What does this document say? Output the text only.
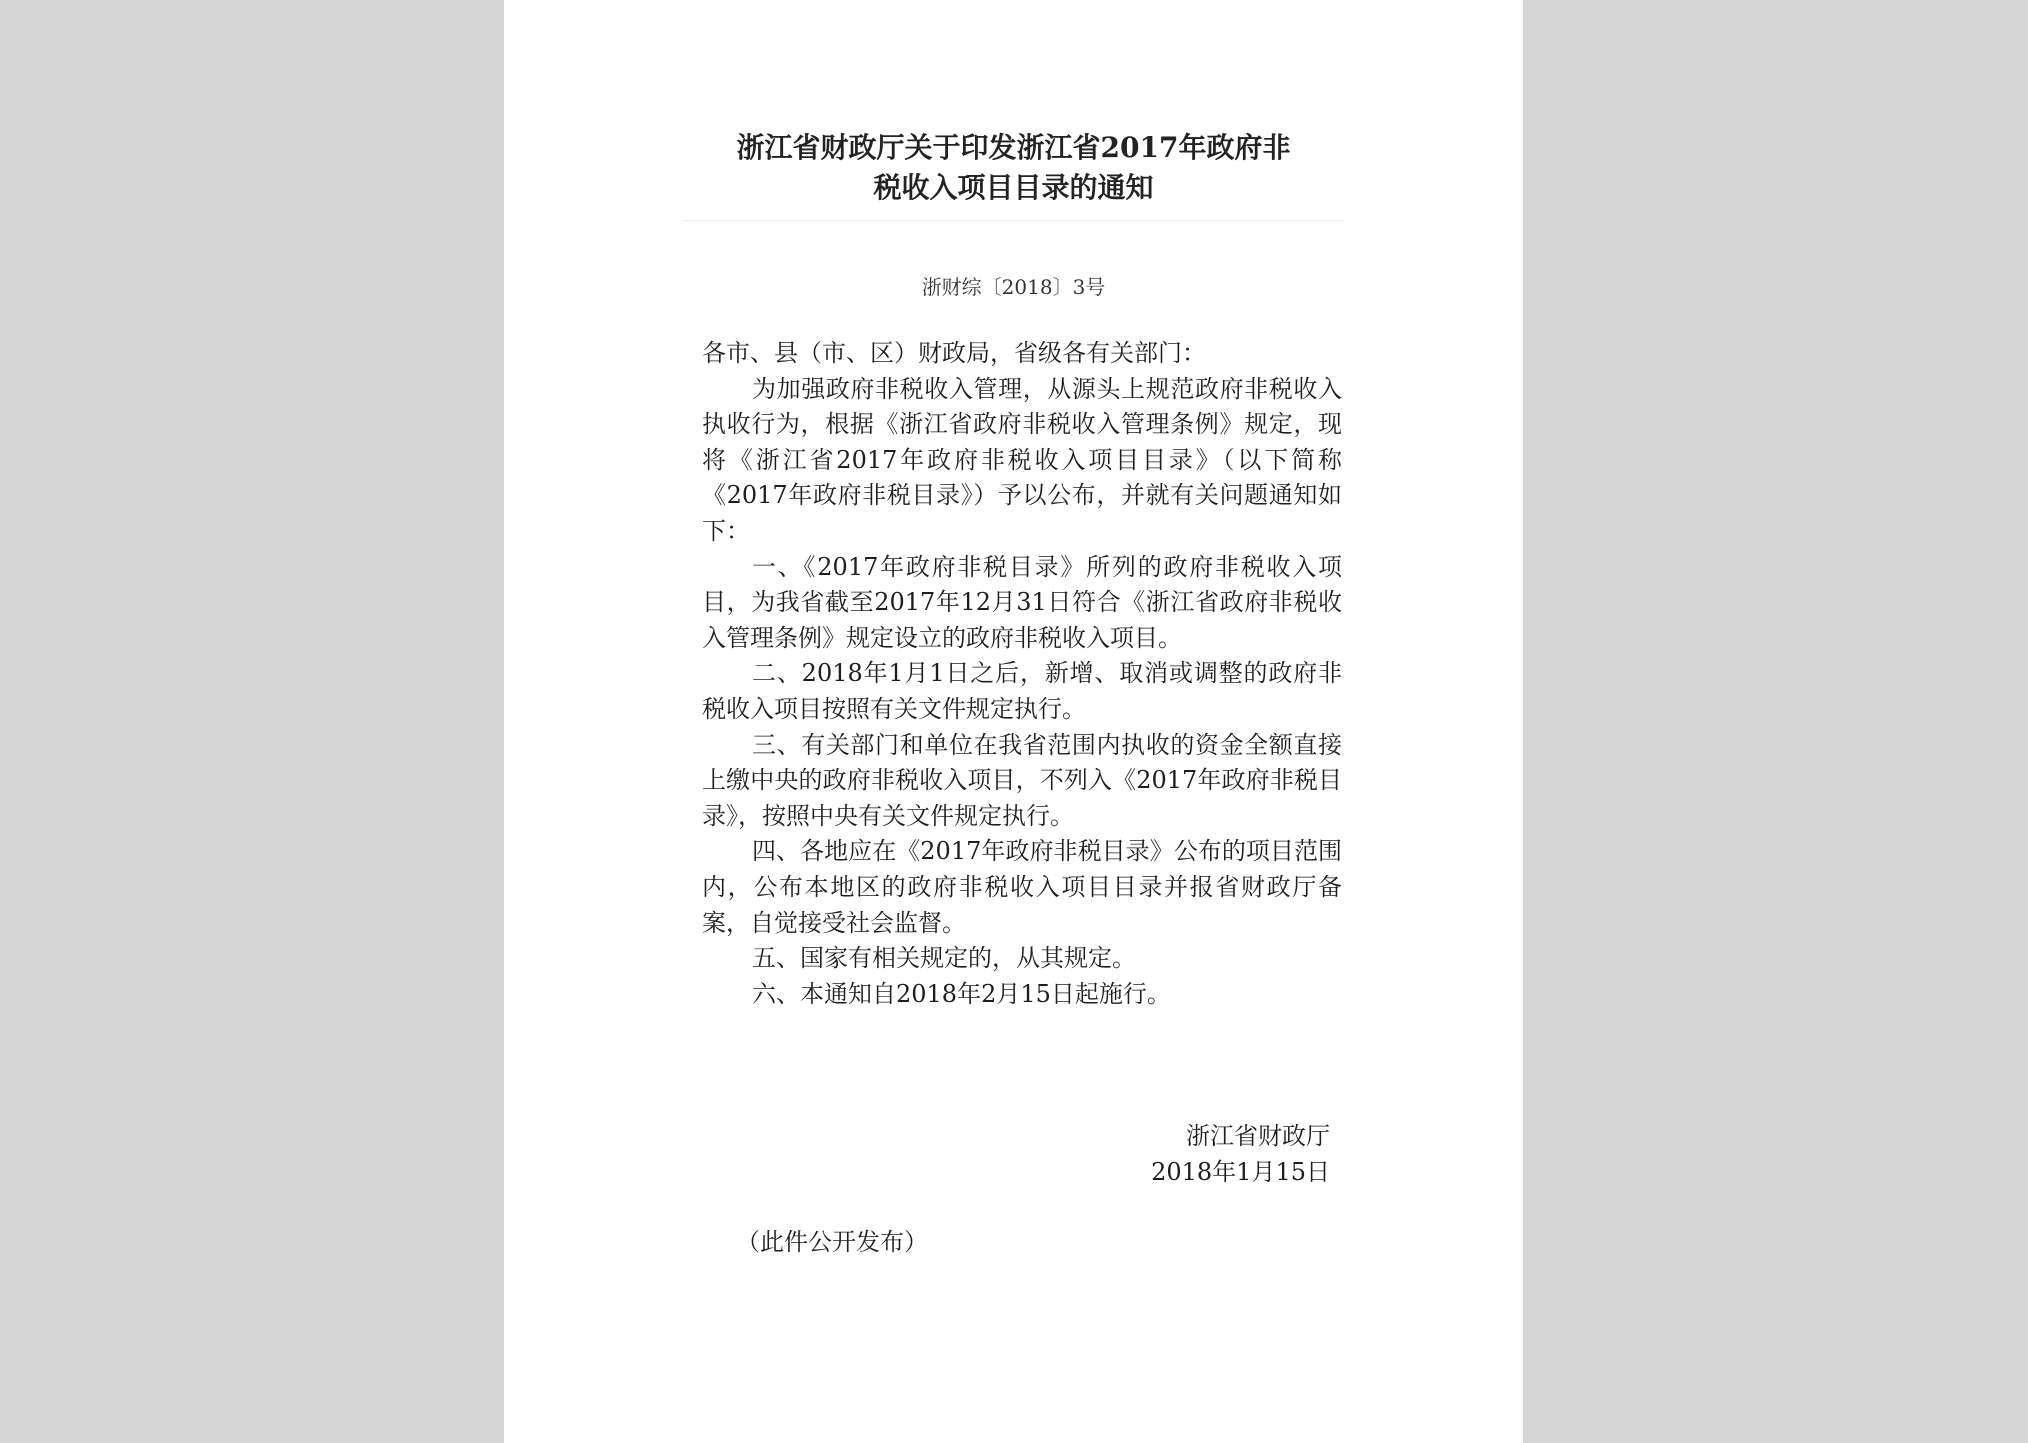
浙江省财政厅关于印发浙江省2017年政府非
税收入项目目录的通知
浙财综〔2018〕3号

各市、县（市、区）财政局，省级各有关部门：

为加强政府非税收入管理，从源头上规范政府非税收入执收行为，根据《浙江省政府非税收入管理条例》规定，现将《浙江省2017年政府非税收入项目目录》（以下简称《2017年政府非税目录》）予以公布，并就有关问题通知如下：

一、《2017年政府非税目录》所列的政府非税收入项目，为我省截至2017年12月31日符合《浙江省政府非税收入管理条例》规定设立的政府非税收入项目。

二、2018年1月1日之后，新增、取消或调整的政府非税收入项目按照有关文件规定执行。

三、有关部门和单位在我省范围内执收的资金全额直接上缴中央的政府非税收入项目，不列入《2017年政府非税目录》，按照中央有关文件规定执行。

四、各地应在《2017年政府非税目录》公布的项目范围内，公布本地区的政府非税收入项目目录并报省财政厅备案，自觉接受社会监督。

五、国家有相关规定的，从其规定。

六、本通知自2018年2月15日起施行。

浙江省财政厅
2018年1月15日
（此件公开发布）
